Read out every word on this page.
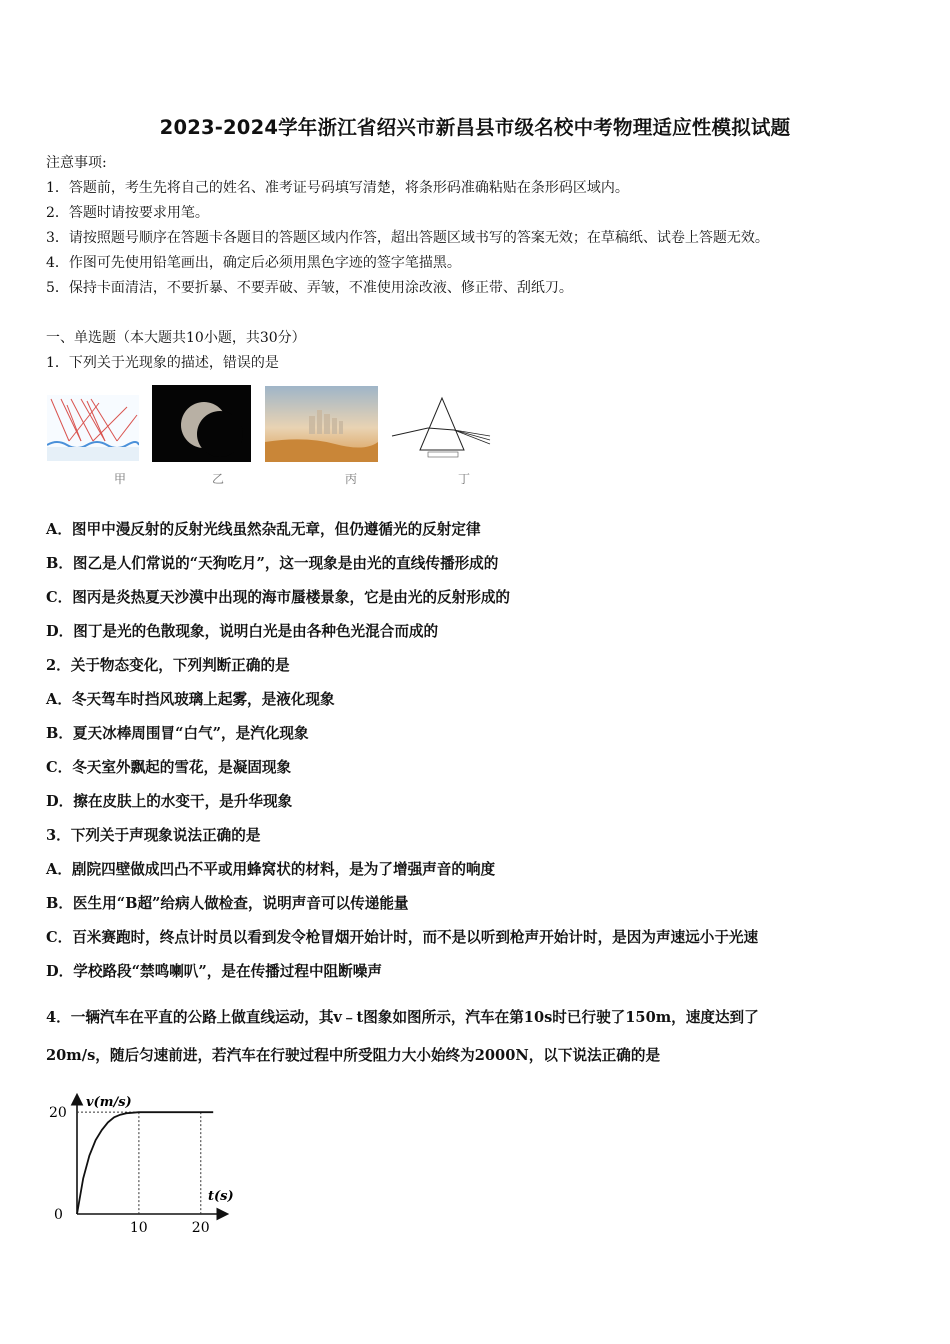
2023-2024学年浙江省绍兴市新昌县市级名校中考物理适应性模拟试题
注意事项:
1．答题前，考生先将自己的姓名、准考证号码填写清楚，将条形码准确粘贴在条形码区域内。
2．答题时请按要求用笔。
3．请按照题号顺序在答题卡各题目的答题区域内作答，超出答题区域书写的答案无效；在草稿纸、试卷上答题无效。
4．作图可先使用铅笔画出，确定后必须用黑色字迹的签字笔描黑。
5．保持卡面清洁，不要折暴、不要弄破、弄皱，不准使用涂改液、修正带、刮纸刀。
一、单选题（本大题共10小题，共30分）
1．下列关于光现象的描述，错误的是
甲	乙	丙	丁
A．图甲中漫反射的反射光线虽然杂乱无章，但仍遵循光的反射定律
B．图乙是人们常说的“天狗吃月”，这一现象是由光的直线传播形成的
C．图丙是炎热夏天沙漠中出现的海市蜃楼景象，它是由光的反射形成的
D．图丁是光的色散现象，说明白光是由各种色光混合而成的
2．关于物态变化，下列判断正确的是
A．冬天驾车时挡风玻璃上起雾，是液化现象
B．夏天冰棒周围冒“白气”，是汽化现象
C．冬天室外飘起的雪花，是凝固现象
D．擦在皮肤上的水变干，是升华现象
3．下列关于声现象说法正确的是
A．剧院四壁做成凹凸不平或用蜂窝状的材料，是为了增强声音的响度
B．医生用“B超”给病人做检查，说明声音可以传递能量
C．百米赛跑时，终点计时员以看到发令枪冒烟开始计时，而不是以听到枪声开始计时，是因为声速远小于光速
D．学校路段“禁鸣喇叭”，是在传播过程中阻断噪声
4．一辆汽车在平直的公路上做直线运动，其v﹣t图象如图所示，汽车在第10s时已行驶了150m，速度达到了
20m/s，随后匀速前进，若汽车在行驶过程中所受阻力大小始终为2000N，以下说法正确的是
v(m/s)
t(s)
0
10	20
20
